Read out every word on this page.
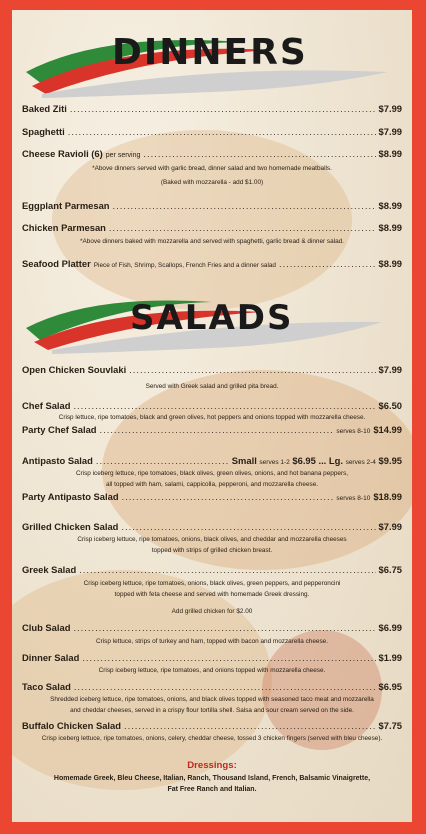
DINNERS
Baked Ziti .....	$7.99
Spaghetti .....	$7.99
Cheese Ravioli (6) per serving .....	$8.99
*Above dinners served with garlic bread, dinner salad and two homemade meatballs.
(Baked with mozzarella - add $1.00)
Eggplant Parmesan .....	$8.99
Chicken Parmesan .....	$8.99
*Above dinners baked with mozzarella and served with spaghetti, garlic bread & dinner salad.
Seafood Platter Piece of Fish, Shrimp, Scallops, French Fries and a dinner salad .....	$8.99
SALADS
Open Chicken Souvlaki .....	$7.99
Served with Greek salad and grilled pita bread.
Chef Salad .....	$6.50
Crisp lettuce, ripe tomatoes, black and green olives, hot peppers and onions topped with mozzarella cheese.
Party Chef Salad .....	serves 8-10 $14.99
Antipasto Salad .....	Small serves 1-2 $6.95 ... Lg. serves 2-4 $9.95
Crisp iceberg lettuce, ripe tomatoes, black olives, green olives, onions, and hot banana peppers,
all topped with ham, salami, cappicolla, pepperoni, and mozzarella cheese.
Party Antipasto Salad .....	serves 8-10 $18.99
Grilled Chicken Salad .....	$7.99
Crisp iceberg lettuce, ripe tomatoes, onions, black olives, and cheddar and mozzarella cheeses
topped with strips of grilled chicken breast.
Greek Salad .....	$6.75
Crisp iceberg lettuce, ripe tomatoes, onions, black olives, green peppers, and pepperoncini
topped with feta cheese and served with homemade Greek dressing.
Add grilled chicken for $2.00
Club Salad .....	$6.99
Crisp lettuce, strips of turkey and ham, topped with bacon and mozzarella cheese.
Dinner Salad .....	$1.99
Crisp iceberg lettuce, ripe tomatoes, and onions topped with mozzarella cheese.
Taco Salad .....	$6.95
Shredded iceberg lettuce, ripe tomatoes, onions, and black olives topped with seasoned taco meat and mozzarella
and cheddar cheeses, served in a crispy flour tortilla shell. Salsa and sour cream served on the side.
Buffalo Chicken Salad .....	$7.75
Crisp iceberg lettuce, ripe tomatoes, onions, celery, cheddar cheese, tossed 3 chicken fingers (served with bleu cheese).
Dressings:
Homemade Greek, Bleu Cheese, Italian, Ranch, Thousand Island, French, Balsamic Vinaigrette,
Fat Free Ranch and Italian.
